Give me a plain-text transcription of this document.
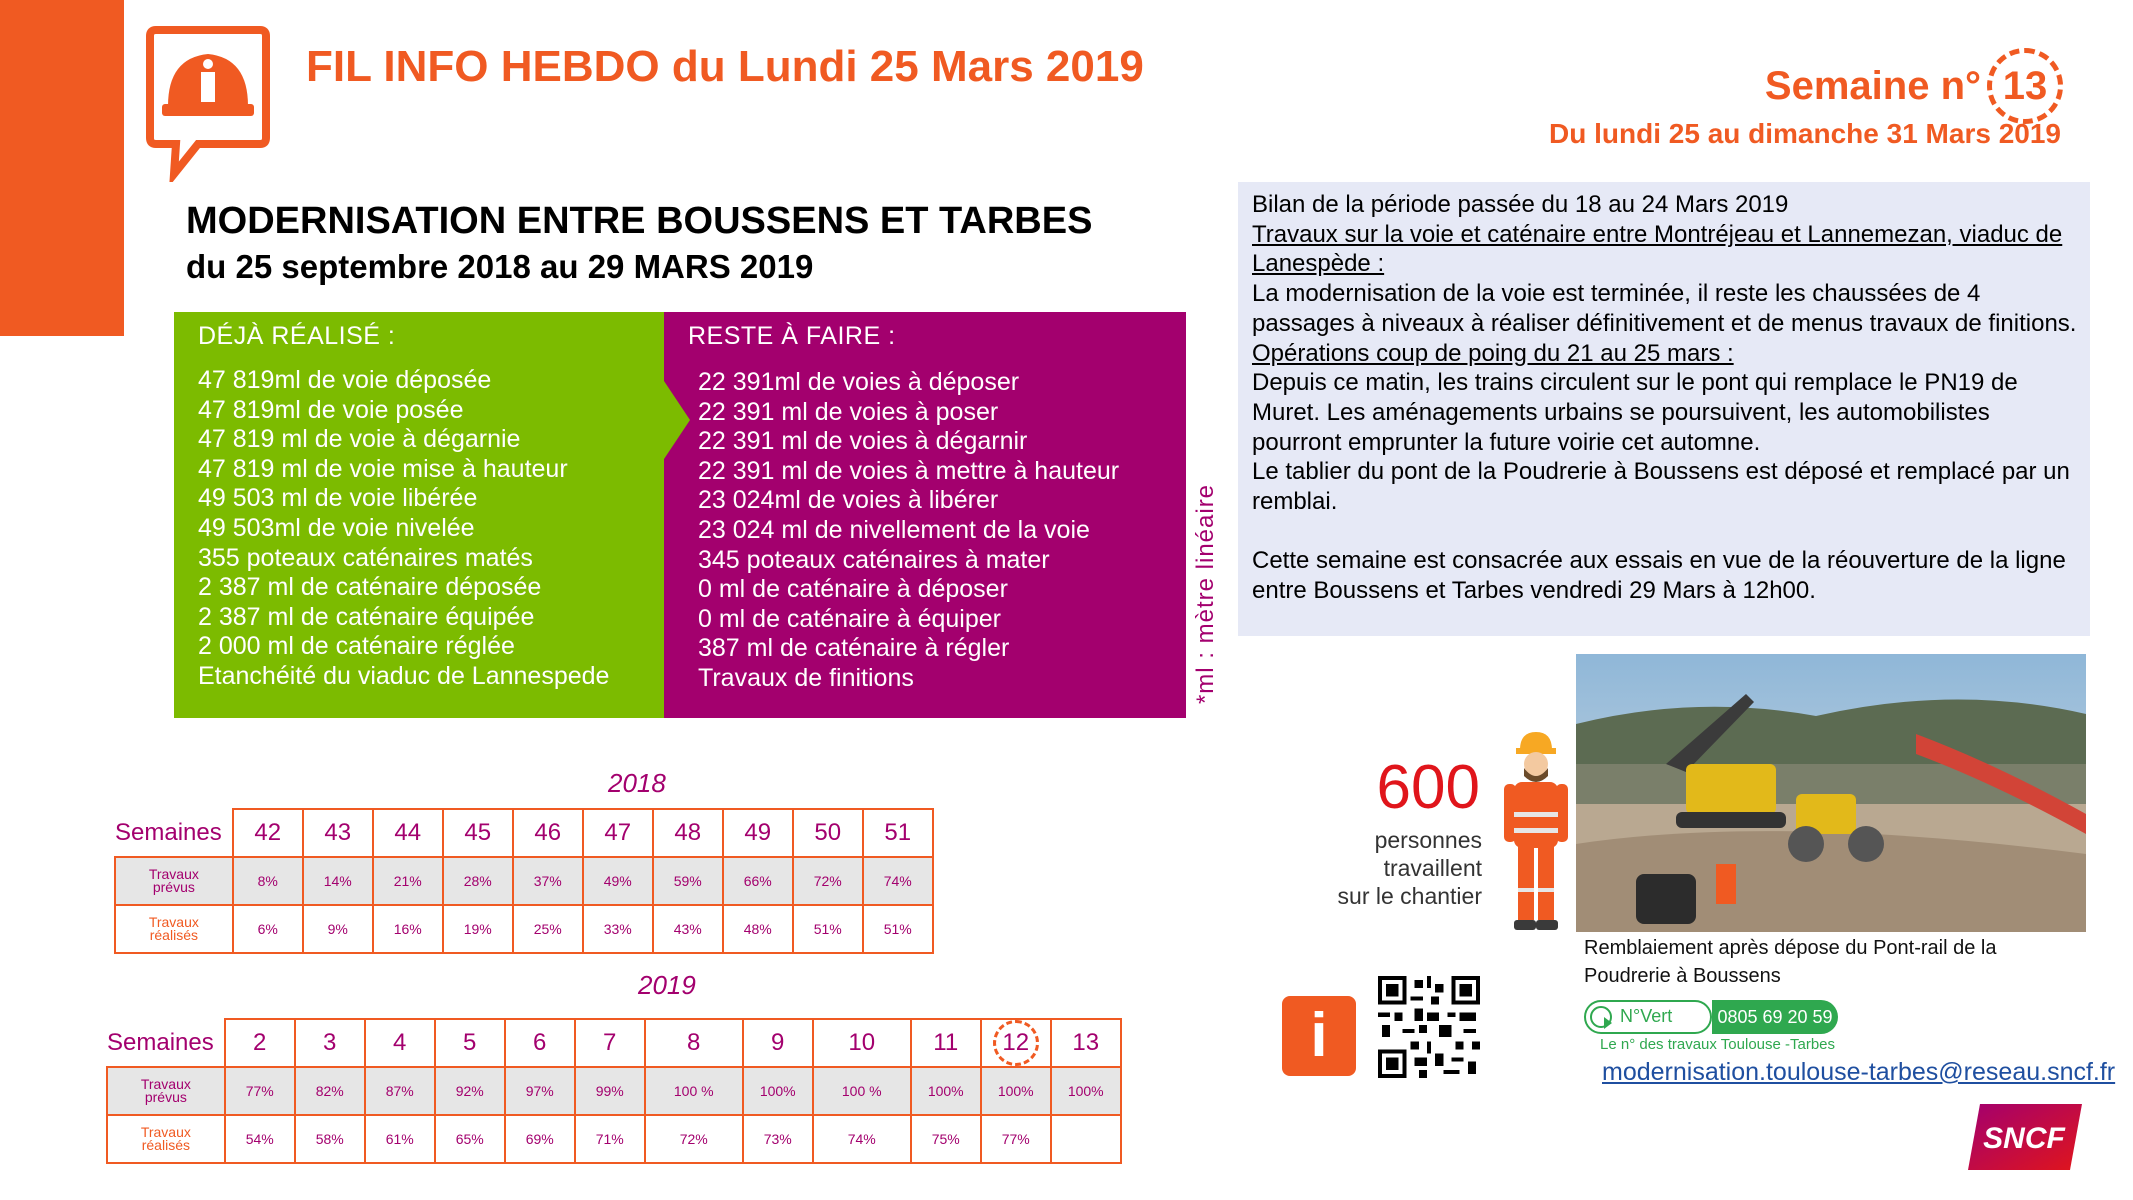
FIL INFO HEBDO du Lundi 25 Mars 2019	Semaine n° 13
Du lundi 25 au dimanche 31 Mars 2019
MODERNISATION ENTRE BOUSSENS ET TARBES
du 25 septembre 2018 au 29 MARS 2019
DÉJÀ RÉALISÉ :
47 819ml de voie déposée
47 819ml de voie posée
47 819 ml de voie à dégarnie
47 819 ml de voie mise à hauteur
49 503 ml de voie libérée
49 503ml de voie nivelée
355 poteaux caténaires matés
2 387 ml de caténaire déposée
2 387 ml de caténaire équipée
2 000 ml de caténaire réglée
Etanchéité du viaduc de Lannespede
RESTE À FAIRE :
22 391ml de voies à déposer
22 391 ml de voies à poser
22 391 ml de voies à dégarnir
22 391 ml de voies à mettre à hauteur
23 024ml de voies à libérer
23 024 ml de nivellement de la voie
345 poteaux caténaires à mater
0 ml de caténaire à déposer
0 ml de caténaire à équiper
387 ml de caténaire à régler
Travaux de finitions	*ml : mètre linéaire

Bilan de la période passée du 18 au 24 Mars 2019

Travaux sur la voie et caténaire entre Montréjeau et Lannemezan, viaduc de Lanespède :

La modernisation de la voie est terminée, il reste les chaussées de 4 passages à niveaux à réaliser définitivement et de menus travaux de finitions.

Opérations coup de poing du 21 au 25 mars :

Depuis ce matin, les trains circulent sur le pont qui remplace le PN19 de Muret. Les aménagements urbains se poursuivent, les automobilistes pourront emprunter la future voirie cet automne.

Le tablier du pont de la Poudrerie à Boussens est déposé et remplacé par un remblai.

Cette semaine est consacrée aux essais en vue de la réouverture de la ligne entre Boussens et Tarbes vendredi 29 Mars à 12h00.

2018
Semaines	42	43	44	45	46	47	48	49	50	51
Travaux
prévus	8%	14%	21%	28%	37%	49%	59%	66%	72%	74%
Travaux
réalisés	6%	9%	16%	19%	25%	33%	43%	48%	51%	51%
2019
Semaines	2	3	4	5	6	7	8	9	10	11	12	13
Travaux
prévus	77%	82%	87%	92%	97%	99%	100 %	100%	100 %	100%	100%	100%
Travaux
réalisés	54%	58%	61%	65%	69%	71%	72%	73%	74%	75%	77%	
600
personnes
travaillent
sur le chantier
Remblaiement après dépose du Pont-rail de la Poudrerie à Boussens
i	N°Vert	0805 69 20 59
Le n° des travaux Toulouse -Tarbes
modernisation.toulouse-tarbes@reseau.sncf.fr
SNCF
